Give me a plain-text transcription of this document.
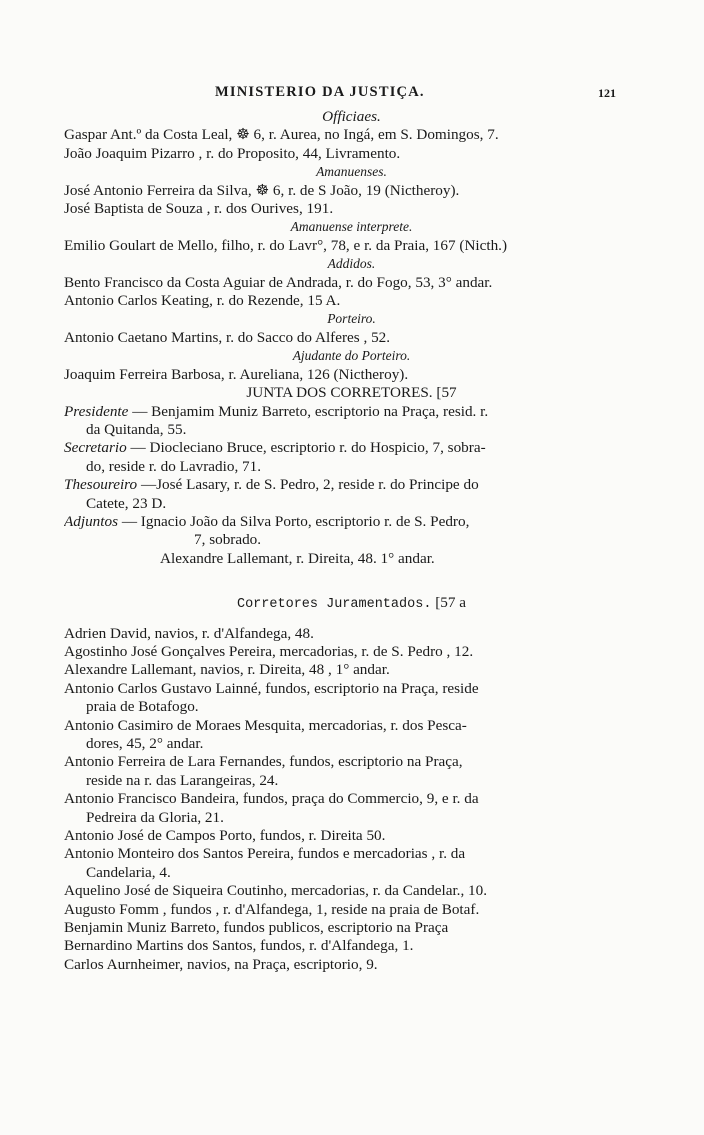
MINISTERIO DA JUSTIÇA.	121
Officiaes.
Gaspar Ant.º da Costa Leal, ☸ 6, r. Aurea, no Ingá, em S. Domingos, 7.
João Joaquim Pizarro , r. do Proposito, 44, Livramento.
Amanuenses.
José Antonio Ferreira da Silva, ☸ 6, r. de S João, 19 (Nictheroy).
José Baptista de Souza , r. dos Ourives, 191.
Amanuense interprete.
Emilio Goulart de Mello, filho, r. do Lavr°, 78, e r. da Praia, 167 (Nicth.)
Addidos.
Bento Francisco da Costa Aguiar de Andrada, r. do Fogo, 53, 3° andar.
Antonio Carlos Keating, r. do Rezende, 15 A.
Porteiro.
Antonio Caetano Martins, r. do Sacco do Alferes , 52.
Ajudante do Porteiro.
Joaquim Ferreira Barbosa, r. Aureliana, 126 (Nictheroy).
JUNTA DOS CORRETORES. [57
Presidente — Benjamim Muniz Barreto, escriptorio na Praça, resid. r.
da Quitanda, 55.
Secretario — Diocleciano Bruce, escriptorio r. do Hospicio, 7, sobra-
do, reside r. do Lavradio, 71.
Thesoureiro —José Lasary, r. de S. Pedro, 2, reside r. do Principe do
Catete, 23 D.
Adjuntos — Ignacio João da Silva Porto, escriptorio r. de S. Pedro,
7, sobrado.
Alexandre Lallemant, r. Direita, 48. 1° andar.
Corretores Juramentados. [57 a
Adrien David, navios, r. d'Alfandega, 48.
Agostinho José Gonçalves Pereira, mercadorias, r. de S. Pedro , 12.
Alexandre Lallemant, navios, r. Direita, 48 , 1° andar.
Antonio Carlos Gustavo Lainné, fundos, escriptorio na Praça, reside
praia de Botafogo.
Antonio Casimiro de Moraes Mesquita, mercadorias, r. dos Pesca-
dores, 45, 2° andar.
Antonio Ferreira de Lara Fernandes, fundos, escriptorio na Praça,
reside na r. das Larangeiras, 24.
Antonio Francisco Bandeira, fundos, praça do Commercio, 9, e r. da
Pedreira da Gloria, 21.
Antonio José de Campos Porto, fundos, r. Direita 50.
Antonio Monteiro dos Santos Pereira, fundos e mercadorias , r. da
Candelaria, 4.
Aquelino José de Siqueira Coutinho, mercadorias, r. da Candelar., 10.
Augusto Fomm , fundos , r. d'Alfandega, 1, reside na praia de Botaf.
Benjamin Muniz Barreto, fundos publicos, escriptorio na Praça
Bernardino Martins dos Santos, fundos, r. d'Alfandega, 1.
Carlos Aurnheimer, navios, na Praça, escriptorio, 9.
